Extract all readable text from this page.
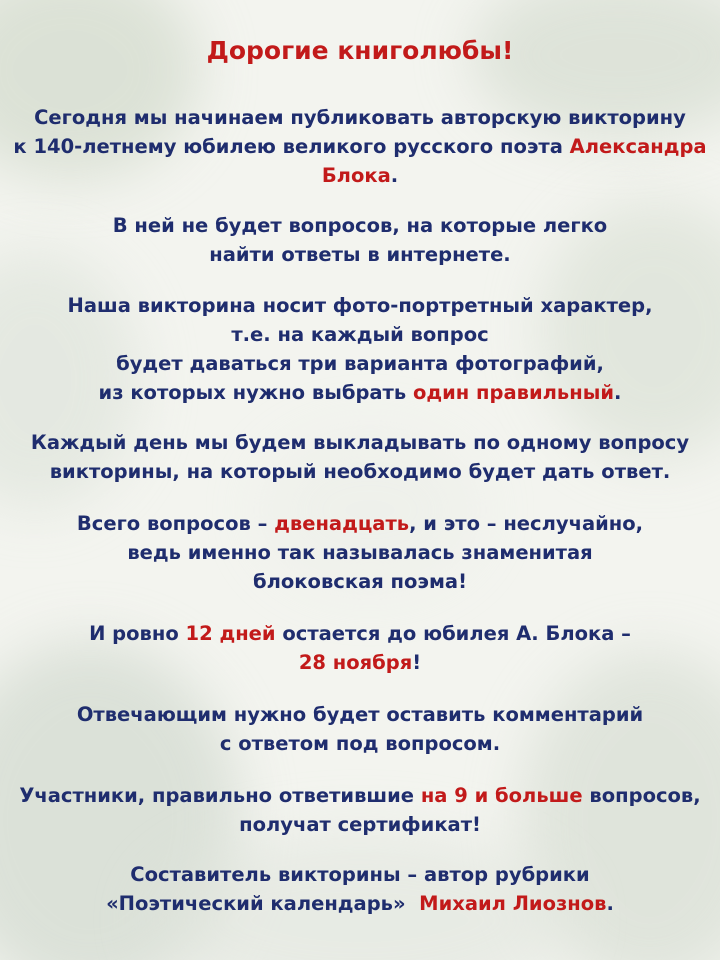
Дорогие книголюбы!

Сегодня мы начинаем публиковать авторскую викторину
к 140-летнему юбилею великого русского поэта Александра
Блока.

В ней не будет вопросов, на которые легко
найти ответы в интернете.

Наша викторина носит фото-портретный характер,
т.е. на каждый вопрос
будет даваться три варианта фотографий,
из которых нужно выбрать один правильный.

Каждый день мы будем выкладывать по одному вопросу
викторины, на который необходимо будет дать ответ.

Всего вопросов – двенадцать, и это – неслучайно,
ведь именно так называлась знаменитая
блоковская поэма!

И ровно 12 дней остается до юбилея А. Блока –
28 ноября!

Отвечающим нужно будет оставить комментарий
с ответом под вопросом.

Участники, правильно ответившие на 9 и больше вопросов,
получат сертификат!

Составитель викторины – автор рубрики
«Поэтический календарь»  Михаил Лиознов.
